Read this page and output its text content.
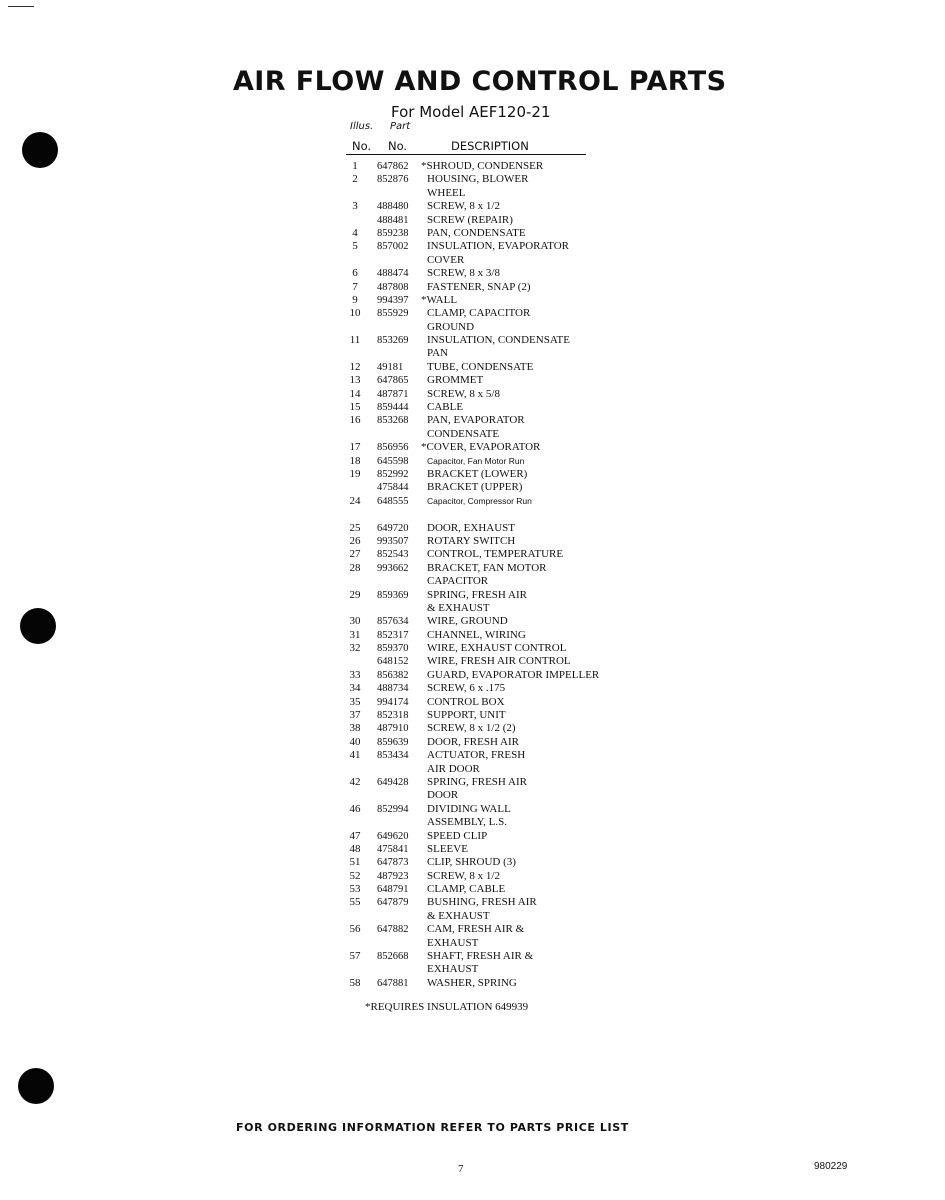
AIR FLOW AND CONTROL PARTS
For Model AEF120-21
Illus. Part
No. No.	DESCRIPTION
1	647862 *SHROUD, CONDENSER
2	852876 HOUSING, BLOWER
WHEEL
3	488480 SCREW, 8 x 1/2
488481 SCREW (REPAIR)
4	859238 PAN, CONDENSATE
5	857002 INSULATION, EVAPORATOR
COVER
6	488474 SCREW, 8 x 3/8
7	487808 FASTENER, SNAP (2)
9	994397 *WALL
10	855929 CLAMP, CAPACITOR
GROUND
11	853269 INSULATION, CONDENSATE
PAN
12	49181 TUBE, CONDENSATE
13	647865 GROMMET
14	487871 SCREW, 8 x 5/8
15	859444 CABLE
16	853268 PAN, EVAPORATOR
CONDENSATE
17	856956 *COVER, EVAPORATOR
18	645598 Capacitor, Fan Motor Run
19	852992 BRACKET (LOWER)
475844 BRACKET (UPPER)
24	648555 Capacitor, Compressor Run
25	649720 DOOR, EXHAUST
26	993507 ROTARY SWITCH
27	852543 CONTROL, TEMPERATURE
28	993662 BRACKET, FAN MOTOR
CAPACITOR
29	859369 SPRING, FRESH AIR
& EXHAUST
30	857634 WIRE, GROUND
31	852317 CHANNEL, WIRING
32	859370 WIRE, EXHAUST CONTROL
648152 WIRE, FRESH AIR CONTROL
33	856382 GUARD, EVAPORATOR IMPELLER
34	488734 SCREW, 6 x .175
35	994174 CONTROL BOX
37	852318 SUPPORT, UNIT
38	487910 SCREW, 8 x 1/2 (2)
40	859639 DOOR, FRESH AIR
41	853434 ACTUATOR, FRESH
AIR DOOR
42	649428 SPRING, FRESH AIR
DOOR
46	852994 DIVIDING WALL
ASSEMBLY, L.S.
47	649620 SPEED CLIP
48	475841 SLEEVE
51	647873 CLIP, SHROUD (3)
52	487923 SCREW, 8 x 1/2
53	648791 CLAMP, CABLE
55	647879 BUSHING, FRESH AIR
& EXHAUST
56	647882 CAM, FRESH AIR &
EXHAUST
57	852668 SHAFT, FRESH AIR &
EXHAUST
58	647881 WASHER, SPRING
*REQUIRES INSULATION 649939
FOR ORDERING INFORMATION REFER TO PARTS PRICE LIST
7	980229
